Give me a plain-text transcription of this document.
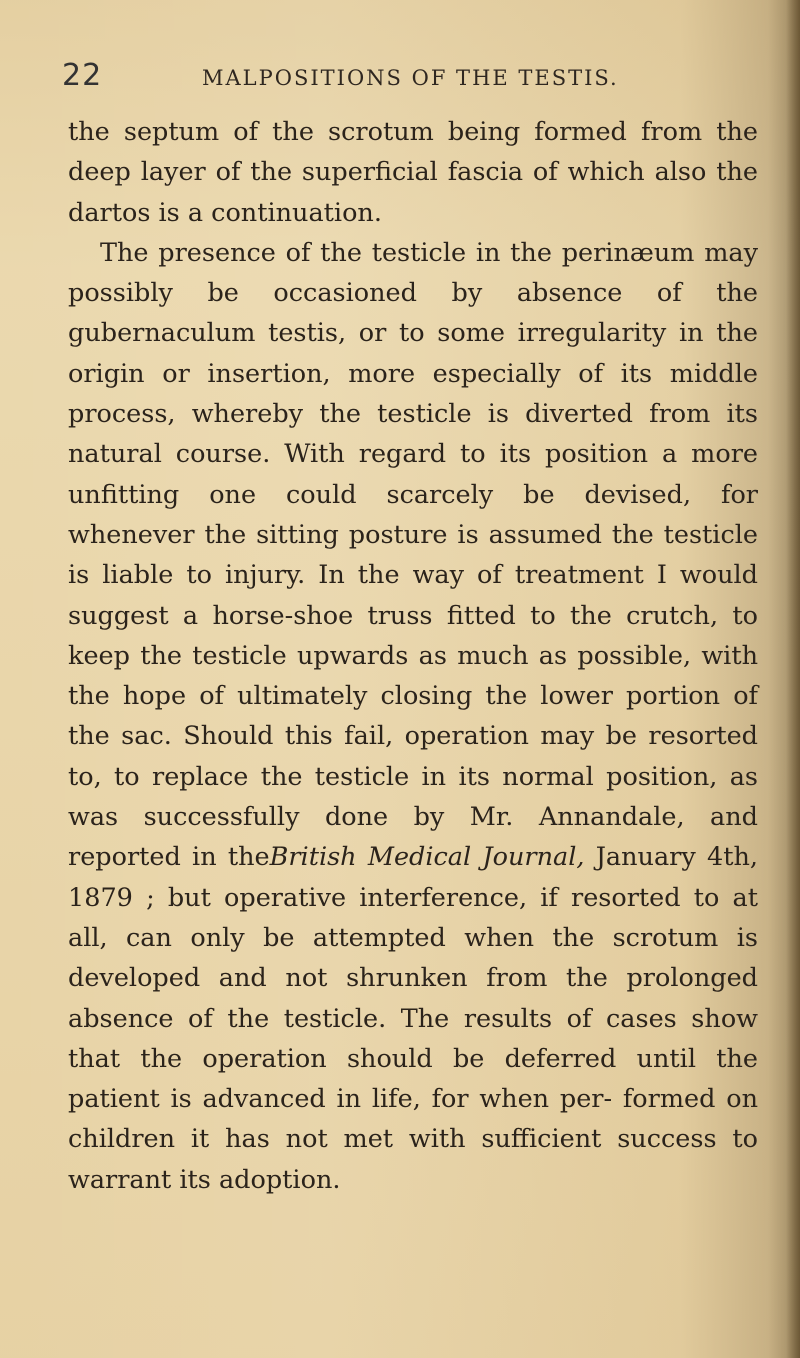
22	MALPOSITIONS OF THE TESTIS.

the septum of the scrotum being formed from the deep layer of the superficial fascia of which also the dartos is a continuation.

The presence of the testicle in the perinæum may possibly be occasioned by absence of the gubernaculum testis, or to some irregularity in the origin or insertion, more especially of its middle process, whereby the testicle is diverted from its natural course. With regard to its position a more unfitting one could scarcely be devised, for whenever the sitting posture is assumed the testicle is liable to injury. In the way of treatment I would suggest a horse-shoe truss fitted to the crutch, to keep the testicle upwards as much as possible, with the hope of ultimately closing the lower portion of the sac. Should this fail, operation may be resorted to, to replace the testicle in its normal position, as was successfully done by Mr. Annandale, and reported in theBritish Medical Journal, January 4th, 1879 ; but operative interference, if resorted to at all, can only be attempted when the scrotum is developed and not shrunken from the prolonged absence of the testicle. The results of cases show that the operation should be deferred until the patient is advanced in life, for when per- formed on children it has not met with sufficient success to warrant its adoption.
